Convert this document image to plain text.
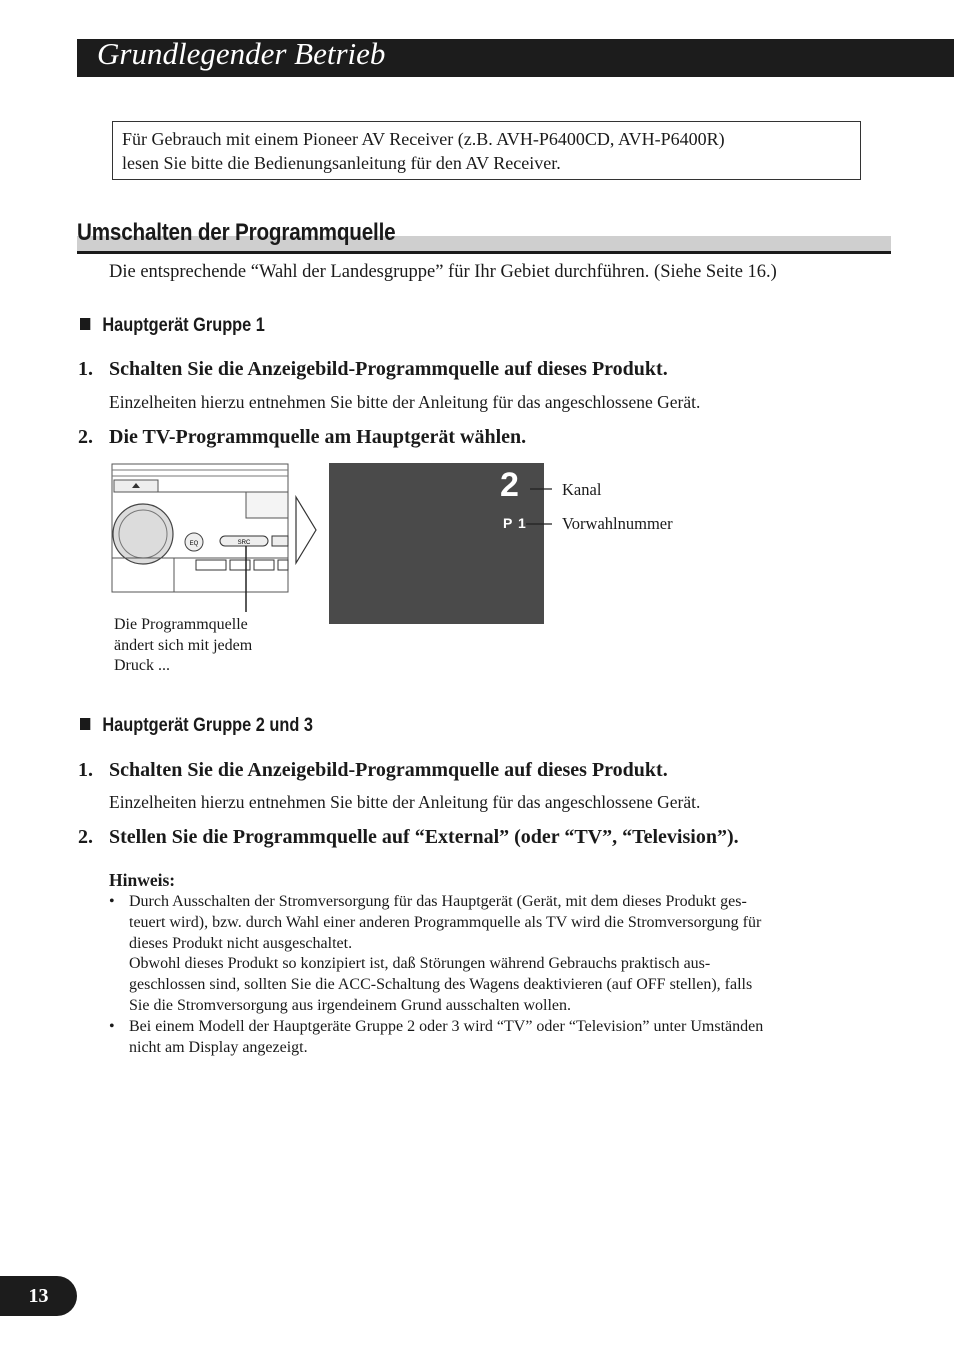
Grundlegender Betrieb
Für Gebrauch mit einem Pioneer AV Receiver (z.B. AVH-P6400CD, AVH-P6400R)
lesen Sie bitte die Bedienungsanleitung für den AV Receiver.
Umschalten der Programmquelle
Die entsprechende “Wahl der Landesgruppe” für Ihr Gebiet durchführen. (Siehe Seite 16.)
Hauptgerät Gruppe 1
1. Schalten Sie die Anzeigebild-Programmquelle auf dieses Produkt.
Einzelheiten hierzu entnehmen Sie bitte der Anleitung für das angeschlossene Gerät.
2. Die TV-Programmquelle am Hauptgerät wählen.
EQ	SRC
Die Programmquelle
ändert sich mit jedem
Druck ...
2
P 1
Kanal
Vorwahlnummer
Hauptgerät Gruppe 2 und 3
1. Schalten Sie die Anzeigebild-Programmquelle auf dieses Produkt.
Einzelheiten hierzu entnehmen Sie bitte der Anleitung für das angeschlossene Gerät.
2. Stellen Sie die Programmquelle auf “External” (oder “TV”, “Television”).
Hinweis:
• Durch Ausschalten der Stromversorgung für das Hauptgerät (Gerät, mit dem dieses Produkt ges-
teuert wird), bzw. durch Wahl einer anderen Programmquelle als TV wird die Stromversorgung für
dieses Produkt nicht ausgeschaltet.
Obwohl dieses Produkt so konzipiert ist, daß Störungen während Gebrauchs praktisch aus-
geschlossen sind, sollten Sie die ACC-Schaltung des Wagens deaktivieren (auf OFF stellen), falls
Sie die Stromversorgung aus irgendeinem Grund ausschalten wollen.
• Bei einem Modell der Hauptgeräte Gruppe 2 oder 3 wird “TV” oder “Television” unter Umständen
nicht am Display angezeigt.
13
